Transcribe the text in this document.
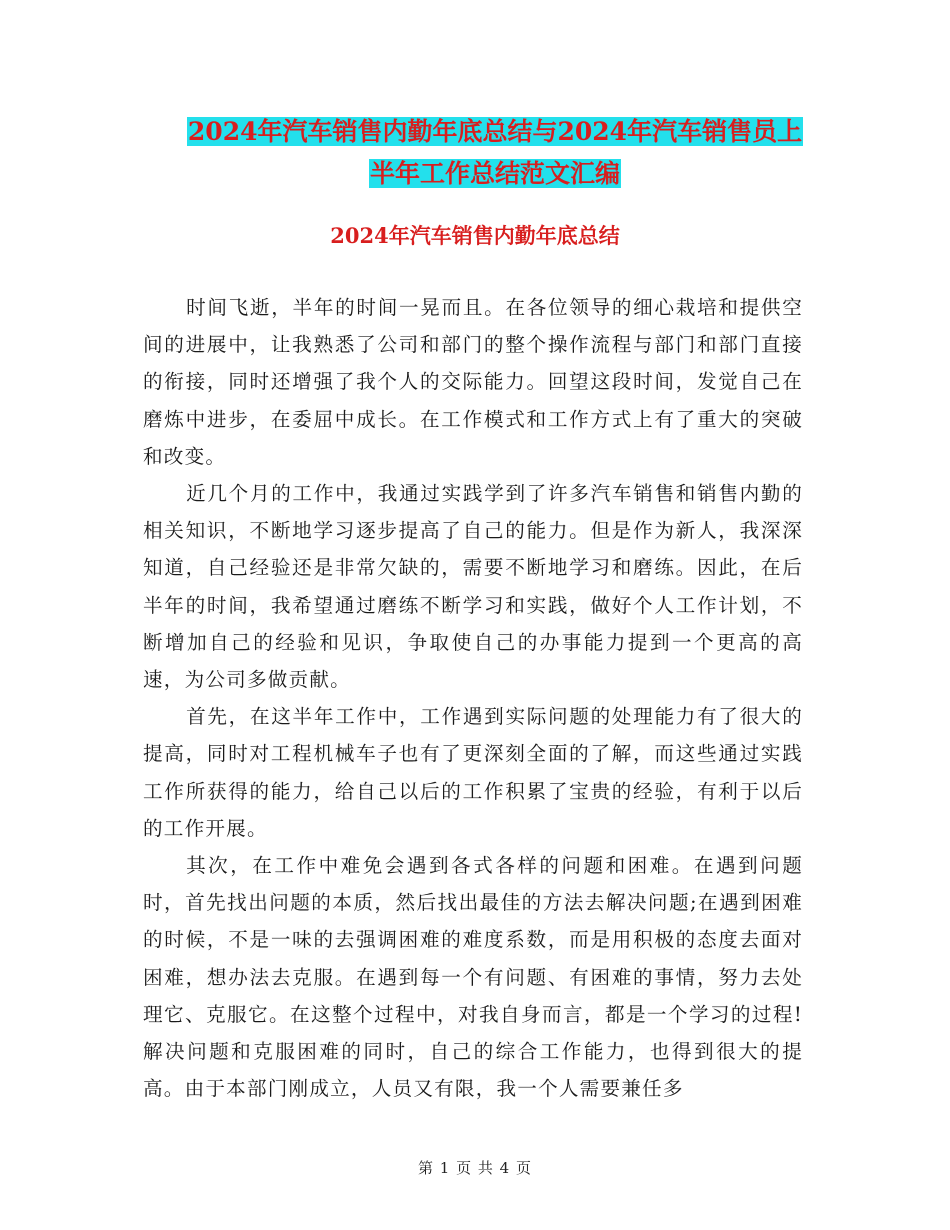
2024年汽车销售内勤年底总结与2024年汽车销售员上
半年工作总结范文汇编
2024年汽车销售内勤年底总结

时间飞逝，半年的时间一晃而且。在各位领导的细心栽培和提供空间的进展中，让我熟悉了公司和部门的整个操作流程与部门和部门直接的衔接，同时还增强了我个人的交际能力。回望这段时间，发觉自己在磨炼中进步，在委屈中成长。在工作模式和工作方式上有了重大的突破和改变。

近几个月的工作中，我通过实践学到了许多汽车销售和销售内勤的相关知识，不断地学习逐步提高了自己的能力。但是作为新人，我深深知道，自己经验还是非常欠缺的，需要不断地学习和磨练。因此，在后半年的时间，我希望通过磨练不断学习和实践，做好个人工作计划，不断增加自己的经验和见识，争取使自己的办事能力提到一个更高的高速，为公司多做贡献。

首先，在这半年工作中，工作遇到实际问题的处理能力有了很大的提高，同时对工程机械车子也有了更深刻全面的了解，而这些通过实践工作所获得的能力，给自己以后的工作积累了宝贵的经验，有利于以后的工作开展。

其次，在工作中难免会遇到各式各样的问题和困难。在遇到问题时，首先找出问题的本质，然后找出最佳的方法去解决问题;在遇到困难的时候，不是一味的去强调困难的难度系数，而是用积极的态度去面对困难，想办法去克服。在遇到每一个有问题、有困难的事情，努力去处理它、克服它。在这整个过程中，对我自身而言，都是一个学习的过程!解决问题和克服困难的同时，自己的综合工作能力，也得到很大的提高。由于本部门刚成立，人员又有限，我一个人需要兼任多

第 1 页 共 4 页
